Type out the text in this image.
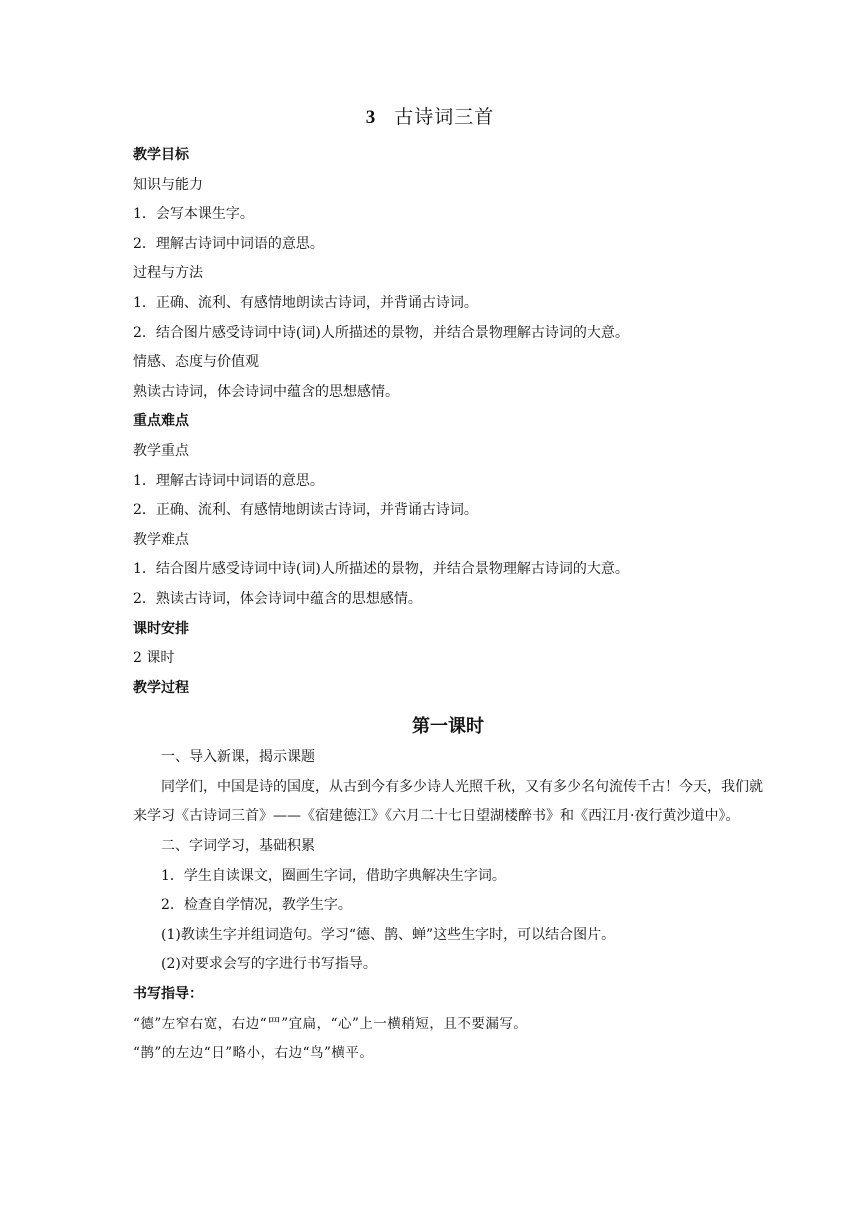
3 古诗词三首
教学目标
知识与能力
1．会写本课生字。
2．理解古诗词中词语的意思。
过程与方法
1．正确、流利、有感情地朗读古诗词，并背诵古诗词。
2．结合图片感受诗词中诗(词)人所描述的景物，并结合景物理解古诗词的大意。
情感、态度与价值观
熟读古诗词，体会诗词中蕴含的思想感情。
重点难点
教学重点
1．理解古诗词中词语的意思。
2．正确、流利、有感情地朗读古诗词，并背诵古诗词。
教学难点
1．结合图片感受诗词中诗(词)人所描述的景物，并结合景物理解古诗词的大意。
2．熟读古诗词，体会诗词中蕴含的思想感情。
课时安排
2 课时
教学过程
第一课时
一、导入新课，揭示课题
同学们，中国是诗的国度，从古到今有多少诗人光照千秋，又有多少名句流传千古！今天，我们就来学习《古诗词三首》——《宿建德江》《六月二十七日望湖楼醉书》和《西江月·夜行黄沙道中》。
二、字词学习，基础积累
1．学生自读课文，圈画生字词，借助字典解决生字词。
2．检查自学情况，教学生字。
(1)教读生字并组词造句。学习“德、鹊、蝉”这些生字时，可以结合图片。
(2)对要求会写的字进行书写指导。
书写指导：
“德”左窄右宽，右边“罒”宜扁，“心”上一横稍短，且不要漏写。
“鹊”的左边“日”略小，右边“鸟”横平。
